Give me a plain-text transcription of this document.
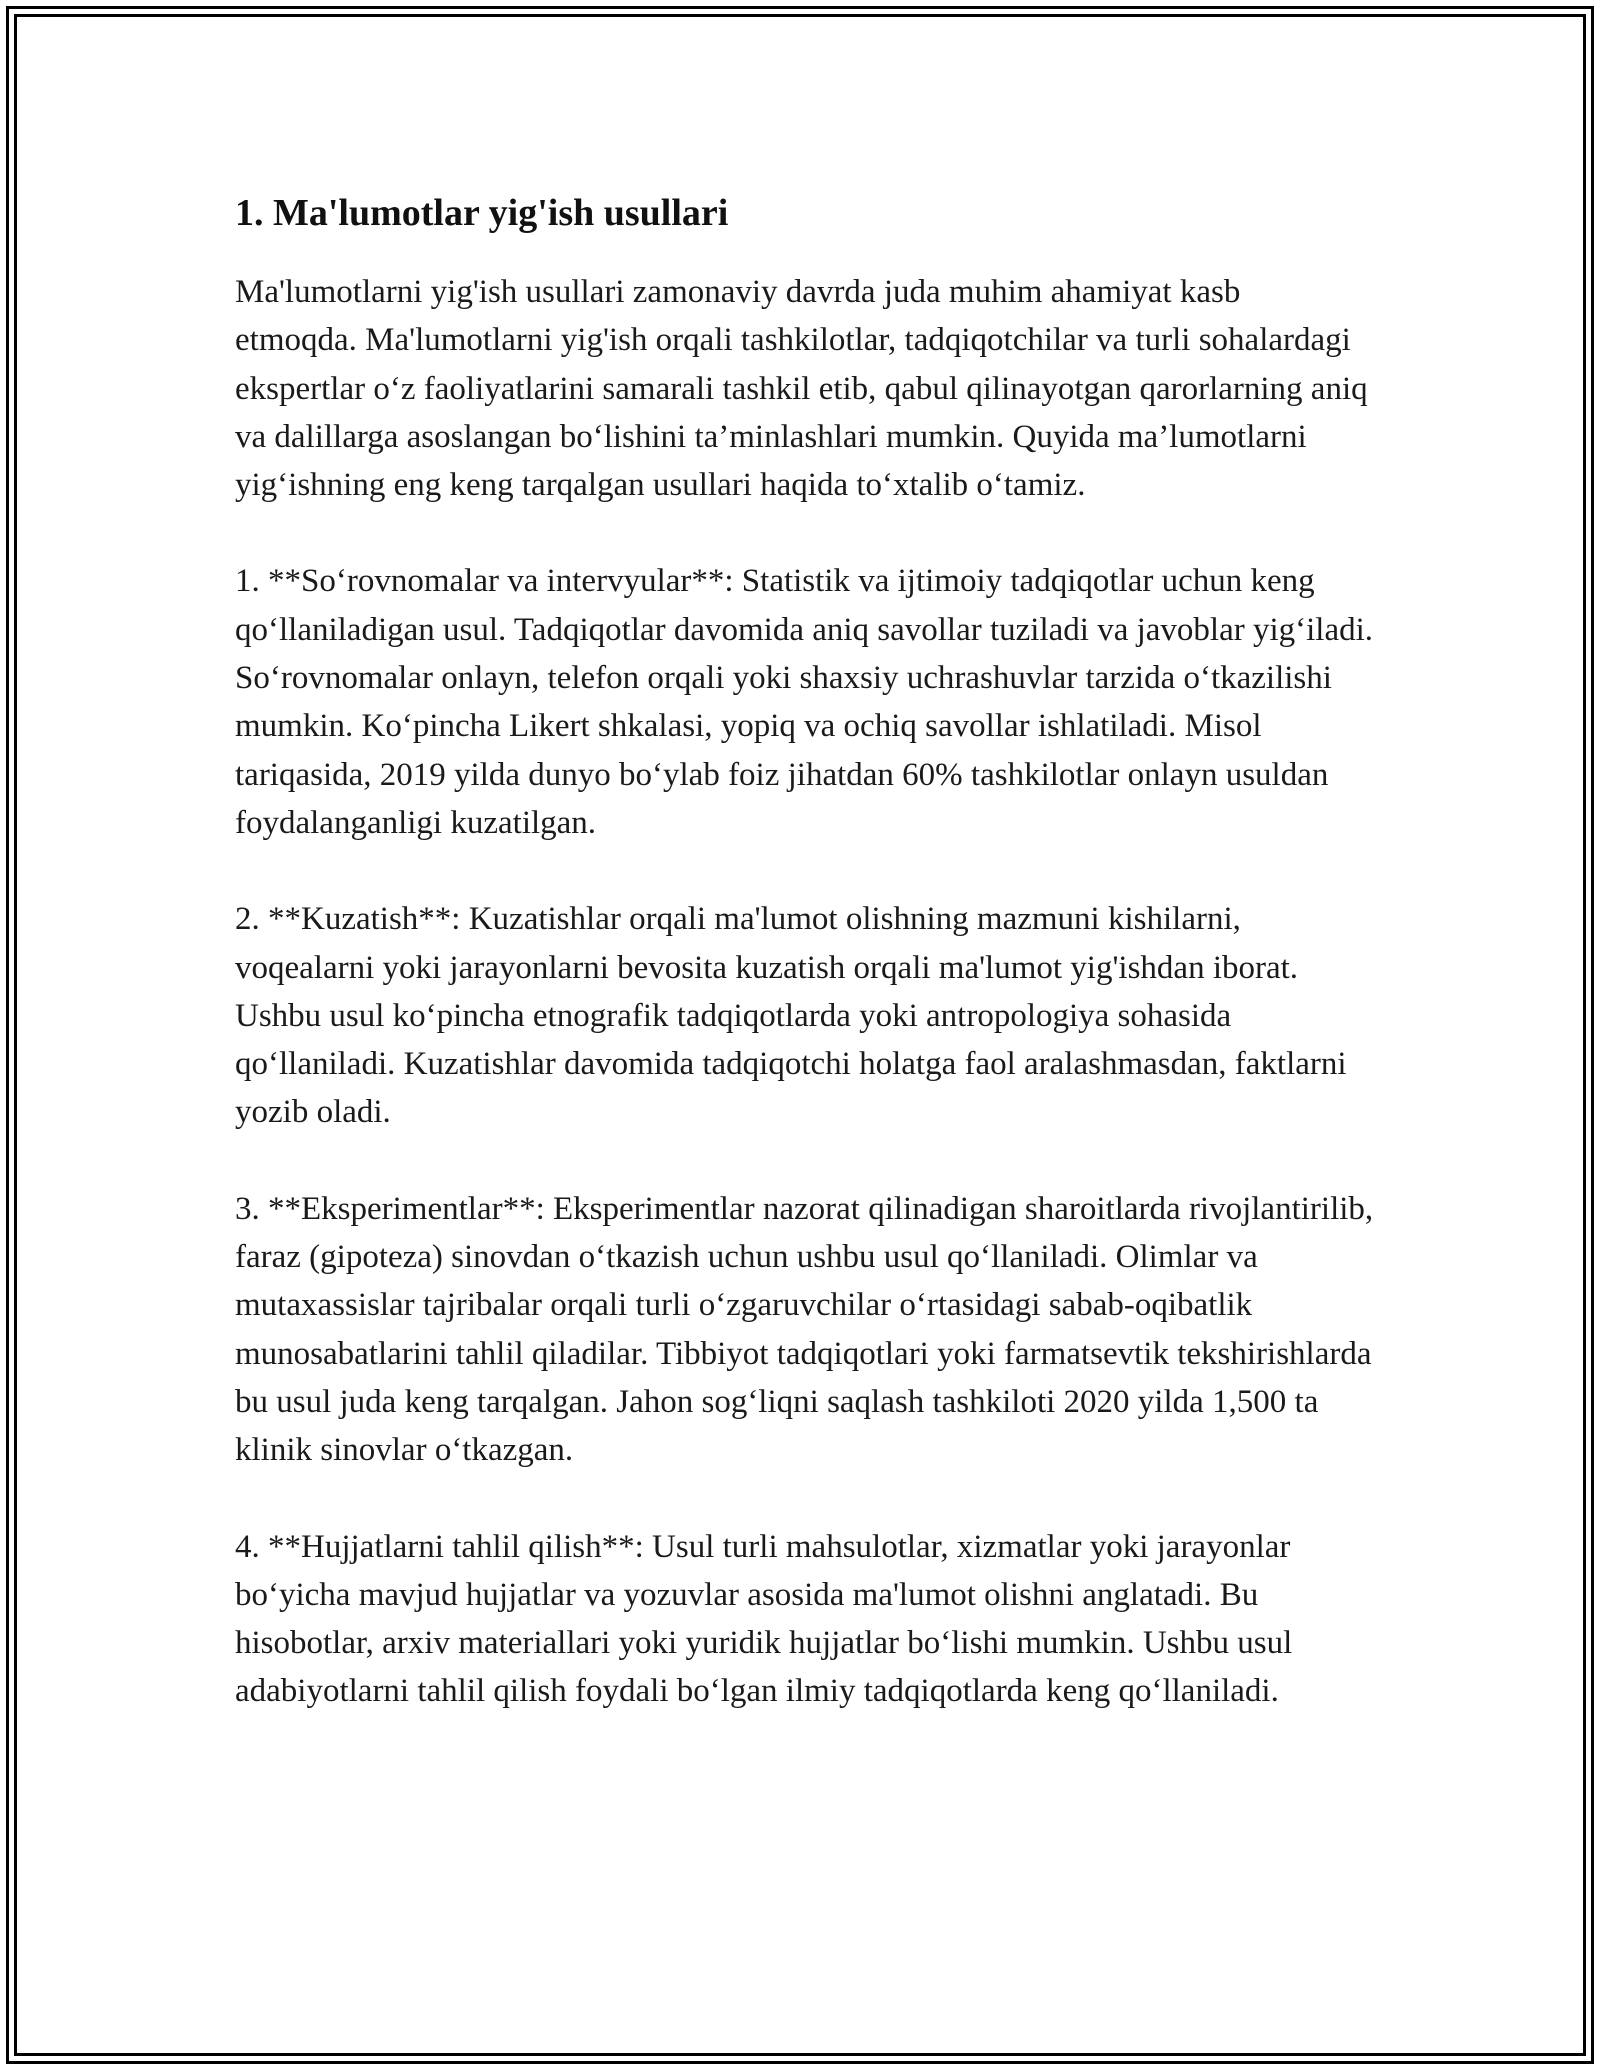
1. Ma'lumotlar yig'ish usullari

Ma'lumotlarni yig'ish usullari zamonaviy davrda juda muhim ahamiyat kasb etmoqda. Ma'lumotlarni yig'ish orqali tashkilotlar, tadqiqotchilar va turli sohalardagi ekspertlar o‘z faoliyatlarini samarali tashkil etib, qabul qilinayotgan qarorlarning aniq va dalillarga asoslangan bo‘lishini ta’minlashlari mumkin. Quyida ma’lumotlarni yig‘ishning eng keng tarqalgan usullari haqida to‘xtalib o‘tamiz.

1. **So‘rovnomalar va intervyular**: Statistik va ijtimoiy tadqiqotlar uchun keng qo‘llaniladigan usul. Tadqiqotlar davomida aniq savollar tuziladi va javoblar yig‘iladi. So‘rovnomalar onlayn, telefon orqali yoki shaxsiy uchrashuvlar tarzida o‘tkazilishi mumkin. Ko‘pincha Likert shkalasi, yopiq va ochiq savollar ishlatiladi. Misol tariqasida, 2019 yilda dunyo bo‘ylab foiz jihatdan 60% tashkilotlar onlayn usuldan foydalanganligi kuzatilgan.

2. **Kuzatish**: Kuzatishlar orqali ma'lumot olishning mazmuni kishilarni, voqealarni yoki jarayonlarni bevosita kuzatish orqali ma'lumot yig'ishdan iborat. Ushbu usul ko‘pincha etnografik tadqiqotlarda yoki antropologiya sohasida qo‘llaniladi. Kuzatishlar davomida tadqiqotchi holatga faol aralashmasdan, faktlarni yozib oladi.

3. **Eksperimentlar**: Eksperimentlar nazorat qilinadigan sharoitlarda rivojlantirilib, faraz (gipoteza) sinovdan o‘tkazish uchun ushbu usul qo‘llaniladi. Olimlar va mutaxassislar tajribalar orqali turli o‘zgaruvchilar o‘rtasidagi sabab-oqibatlik munosabatlarini tahlil qiladilar. Tibbiyot tadqiqotlari yoki farmatsevtik tekshirishlarda bu usul juda keng tarqalgan. Jahon sog‘liqni saqlash tashkiloti 2020 yilda 1,500 ta klinik sinovlar o‘tkazgan.

4. **Hujjatlarni tahlil qilish**: Usul turli mahsulotlar, xizmatlar yoki jarayonlar bo‘yicha mavjud hujjatlar va yozuvlar asosida ma'lumot olishni anglatadi. Bu hisobotlar, arxiv materiallari yoki yuridik hujjatlar bo‘lishi mumkin. Ushbu usul adabiyotlarni tahlil qilish foydali bo‘lgan ilmiy tadqiqotlarda keng qo‘llaniladi.
